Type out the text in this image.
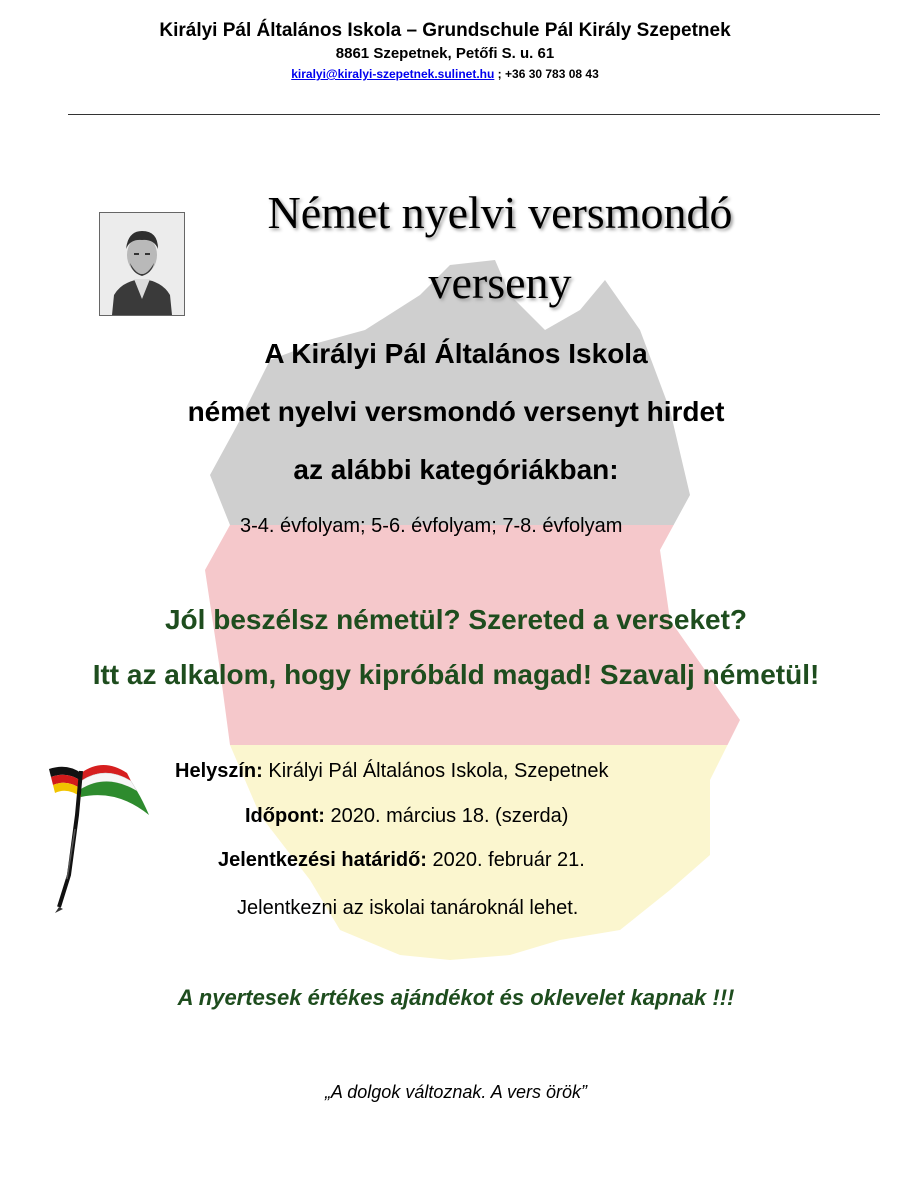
Királyi Pál Általános Iskola – Grundschule Pál Király Szepetnek
8861 Szepetnek, Petőfi S. u. 61
kiralyi@kiralyi-szepetnek.sulinet.hu ; +36 30 783 08 43
Német nyelvi versmondó
verseny
A Királyi Pál Általános Iskola
német nyelvi versmondó versenyt hirdet
az alábbi kategóriákban:
3-4. évfolyam; 5-6. évfolyam; 7-8. évfolyam
Jól beszélsz németül? Szereted a verseket?
Itt az alkalom, hogy kipróbáld magad! Szavalj németül!
Helyszín: Királyi Pál Általános Iskola, Szepetnek
Időpont: 2020. március 18. (szerda)
Jelentkezési határidő: 2020. február 21.
Jelentkezni az iskolai tanároknál lehet.
A nyertesek értékes ajándékot és oklevelet kapnak !!!
„A dolgok változnak. A vers örök”
